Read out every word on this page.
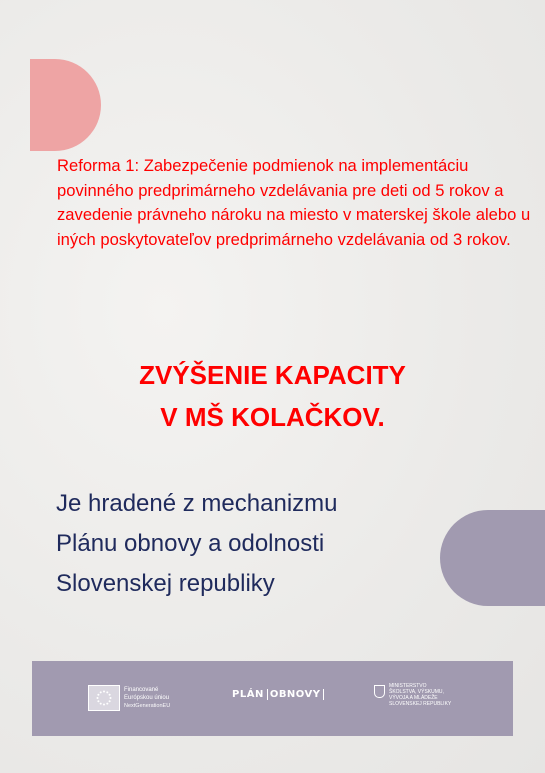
Reforma 1: Zabezpečenie podmienok na implementáciu povinného predprimárneho vzdelávania pre deti od 5 rokov a zavedenie právneho nároku na miesto v materskej škole alebo u iných poskytovateľov predprimárneho vzdelávania od 3 rokov.

ZVÝŠENIE KAPACITY
V MŠ KOLAČKOV.

Je hradené z mechanizmu
Plánu obnovy a odolnosti
Slovenskej republiky

Financované
Európskou úniou
NextGenerationEU
PLÁN OBNOVY
MINISTERSTVO
ŠKOLSTVA, VÝSKUMU,
VÝVOJA A MLÁDEŽE
SLOVENSKEJ REPUBLIKY
